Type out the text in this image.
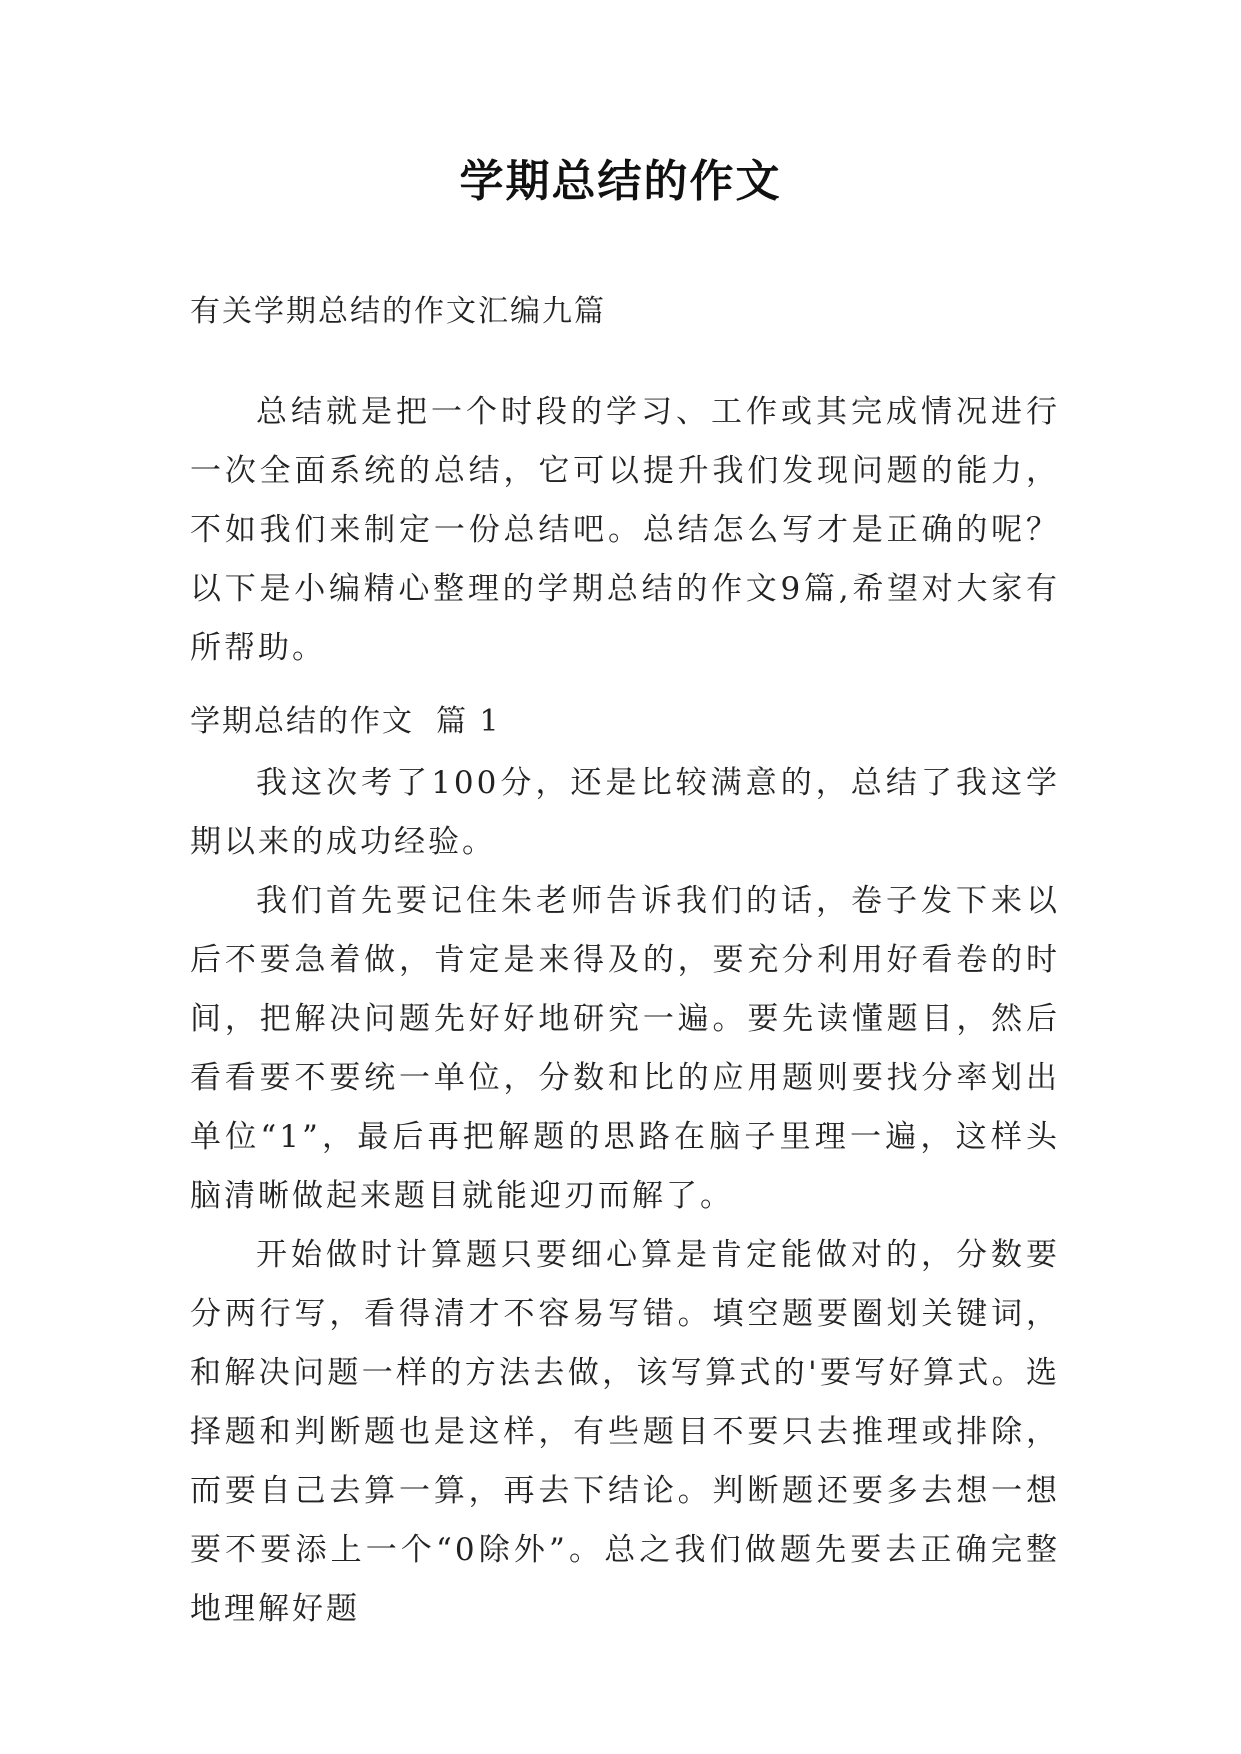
学期总结的作文
有关学期总结的作文汇编九篇

总结就是把一个时段的学习、工作或其完成情况进行一次全面系统的总结，它可以提升我们发现问题的能力，不如我们来制定一份总结吧。总结怎么写才是正确的呢？以下是小编精心整理的学期总结的作文9篇,希望对大家有所帮助。

学期总结的作文 篇 1

我这次考了100分，还是比较满意的，总结了我这学期以来的成功经验。

我们首先要记住朱老师告诉我们的话，卷子发下来以后不要急着做，肯定是来得及的，要充分利用好看卷的时间，把解决问题先好好地研究一遍。要先读懂题目，然后看看要不要统一单位，分数和比的应用题则要找分率划出单位“1”，最后再把解题的思路在脑子里理一遍，这样头脑清晰做起来题目就能迎刃而解了。

开始做时计算题只要细心算是肯定能做对的，分数要分两行写，看得清才不容易写错。填空题要圈划关键词，和解决问题一样的方法去做，该写算式的'要写好算式。选择题和判断题也是这样，有些题目不要只去推理或排除，而要自己去算一算，再去下结论。判断题还要多去想一想要不要添上一个“0除外”。总之我们做题先要去正确完整地理解好题
